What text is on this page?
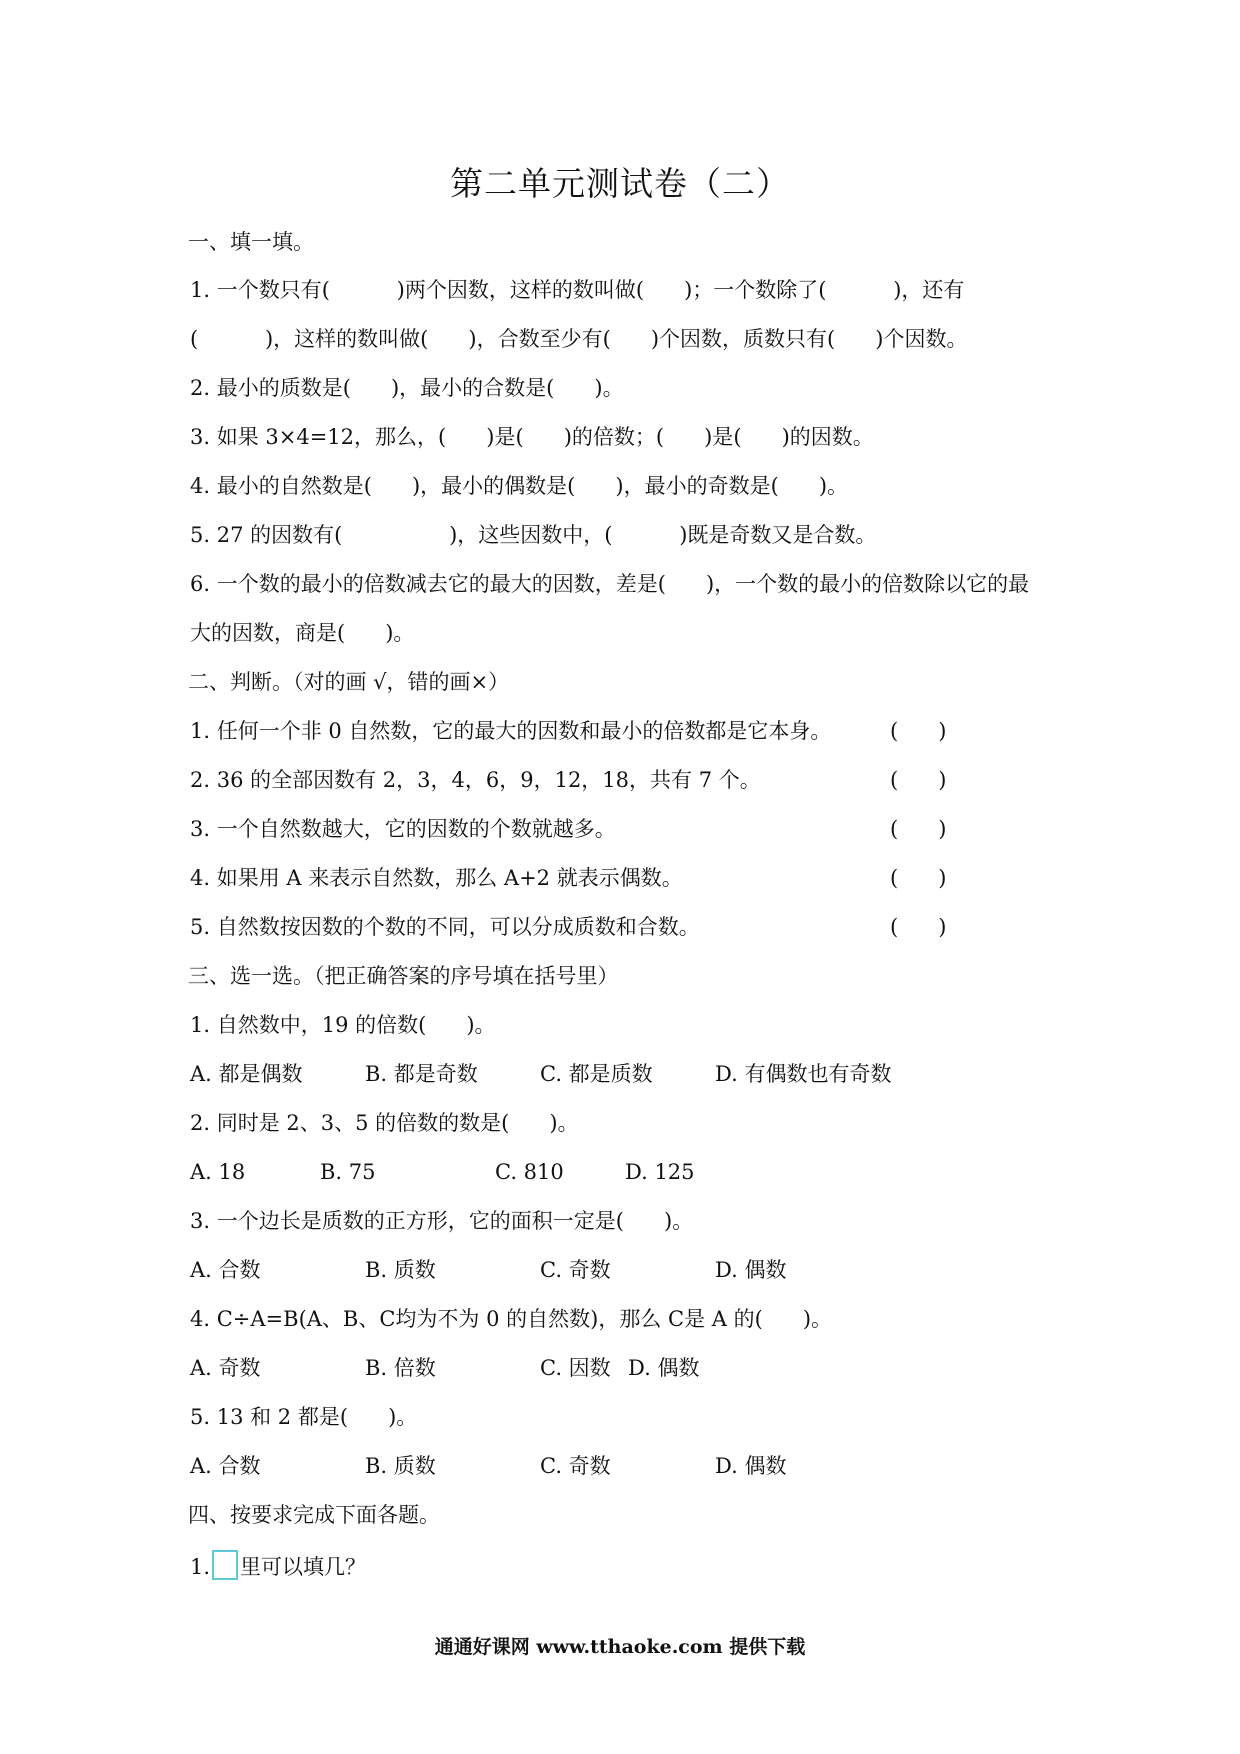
第二单元测试卷（二）
一、填一填。
1. 一个数只有(          )两个因数，这样的数叫做(      )；一个数除了(          )，还有
(          )，这样的数叫做(      )，合数至少有(      )个因数，质数只有(      )个因数。
2. 最小的质数是(      )，最小的合数是(      )。
3. 如果 3×4=12，那么，(      )是(      )的倍数；(      )是(      )的因数。
4. 最小的自然数是(      )，最小的偶数是(      )，最小的奇数是(      )。
5. 27 的因数有(                )，这些因数中，(          )既是奇数又是合数。
6. 一个数的最小的倍数减去它的最大的因数，差是(      )，一个数的最小的倍数除以它的最
大的因数，商是(      )。
二、判断。（对的画 √，错的画×）
1. 任何一个非 0 自然数，它的最大的因数和最小的倍数都是它本身。	(      )
2. 36 的全部因数有 2，3，4，6，9，12，18，共有 7 个。	(      )
3. 一个自然数越大，它的因数的个数就越多。	(      )
4. 如果用 A 来表示自然数，那么 A+2 就表示偶数。	(      )
5. 自然数按因数的个数的不同，可以分成质数和合数。	(      )
三、选一选。（把正确答案的序号填在括号里）
1. 自然数中，19 的倍数(      )。
A. 都是偶数	B. 都是奇数	C. 都是质数	D. 有偶数也有奇数
2. 同时是 2、3、5 的倍数的数是(      )。
A. 18	B. 75	C. 810	D. 125
3. 一个边长是质数的正方形，它的面积一定是(      )。
A. 合数	B. 质数	C. 奇数	D. 偶数
4. C÷A=B(A、B、C均为不为 0 的自然数)，那么 C是 A 的(      )。
A. 奇数	B. 倍数	C. 因数 D. 偶数
5. 13 和 2 都是(      )。
A. 合数	B. 质数	C. 奇数	D. 偶数
四、按要求完成下面各题。
1. 里可以填几？
通通好课网 www.tthaoke.com 提供下载
